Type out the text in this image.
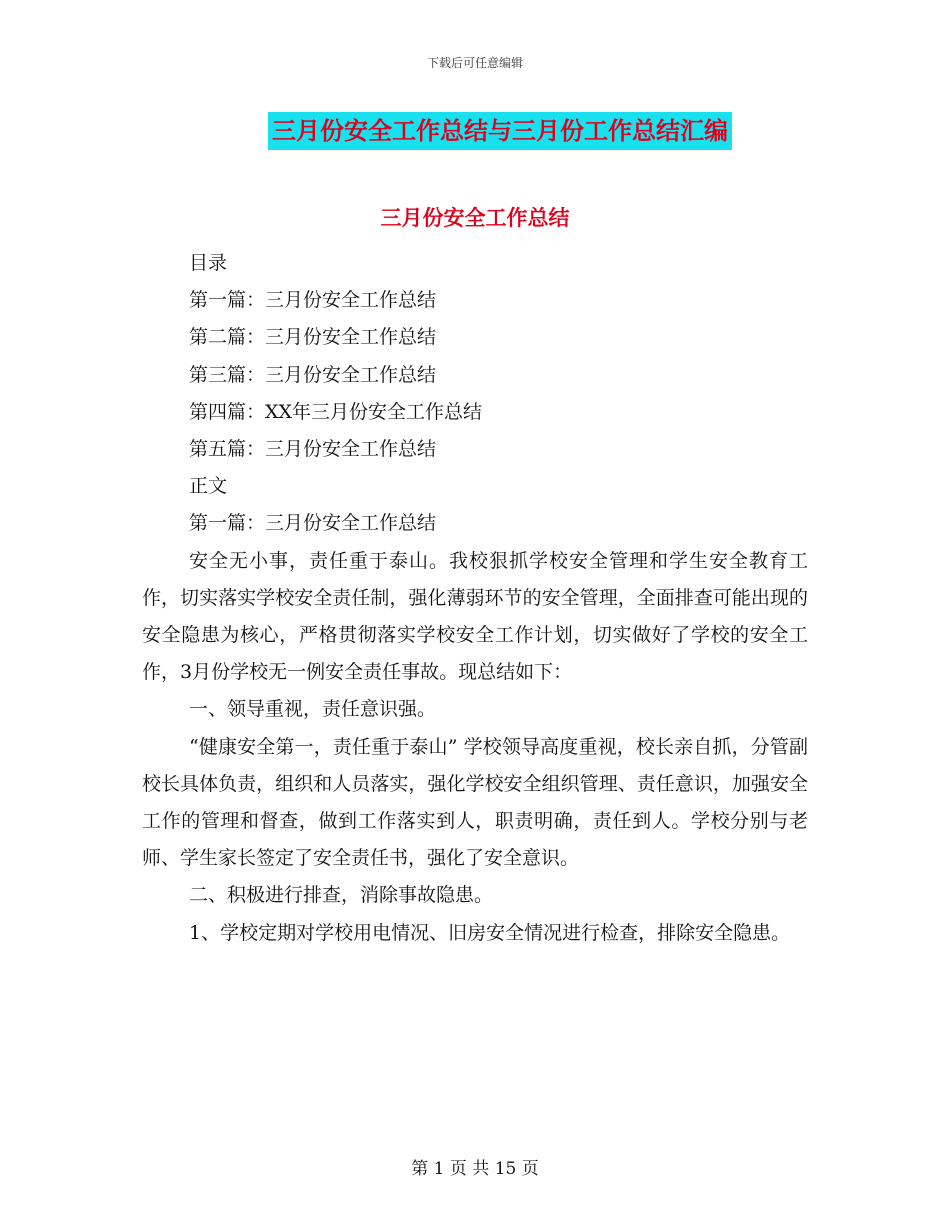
下载后可任意编辑
三月份安全工作总结与三月份工作总结汇编
三月份安全工作总结
目录
第一篇：三月份安全工作总结
第二篇：三月份安全工作总结
第三篇：三月份安全工作总结
第四篇：XX年三月份安全工作总结
第五篇：三月份安全工作总结
正文
第一篇：三月份安全工作总结

安全无小事，责任重于泰山。我校狠抓学校安全管理和学生安全教育工作，切实落实学校安全责任制，强化薄弱环节的安全管理，全面排查可能出现的安全隐患为核心，严格贯彻落实学校安全工作计划，切实做好了学校的安全工作，3月份学校无一例安全责任事故。现总结如下：

一、领导重视，责任意识强。

“健康安全第一，责任重于泰山” 学校领导高度重视，校长亲自抓，分管副校长具体负责，组织和人员落实，强化学校安全组织管理、责任意识，加强安全工作的管理和督查，做到工作落实到人，职责明确，责任到人。学校分别与老师、学生家长签定了安全责任书，强化了安全意识。

二、积极进行排查，消除事故隐患。

1、学校定期对学校用电情况、旧房安全情况进行检查，排除安全隐患。

第 1 页 共 15 页
